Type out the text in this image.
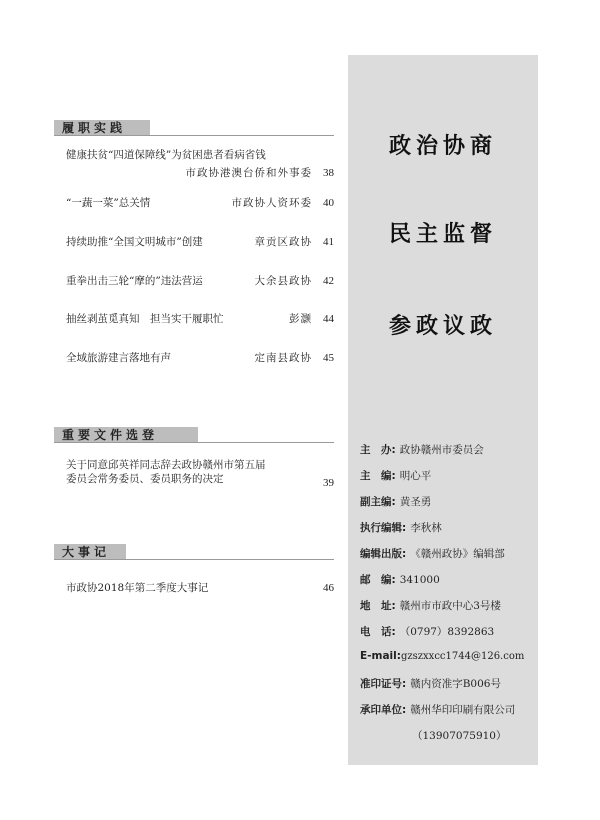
履职实践
健康扶贫“四道保障线”为贫困患者看病省钱
市政协港澳台侨和外事委 38
“一蔬一菜”总关情	市政协人资环委 40
持续助推“全国文明城市”创建	章贡区政协 41
重拳出击三轮“摩的”违法营运	大余县政协 42
抽丝剥茧觅真知　担当实干履职忙	彭灏 44
全域旅游建言落地有声	定南县政协 45
重要文件选登
关于同意邱英祥同志辞去政协赣州市第五届
委员会常务委员、委员职务的决定	39
大事记
市政协2018年第二季度大事记	46
政治协商
民主监督
参政议政
主　办: 政协赣州市委员会
主　编: 明心平
副主编: 黄圣勇
执行编辑: 李秋林
编辑出版: 《赣州政协》编辑部
邮　编: 341000
地　址: 赣州市市政中心3号楼
电　话: （0797）8392863
E-mail:gzszxxcc1744@126.com
准印证号: 赣内资准字B006号
承印单位: 赣州华印印刷有限公司
（13907075910）
